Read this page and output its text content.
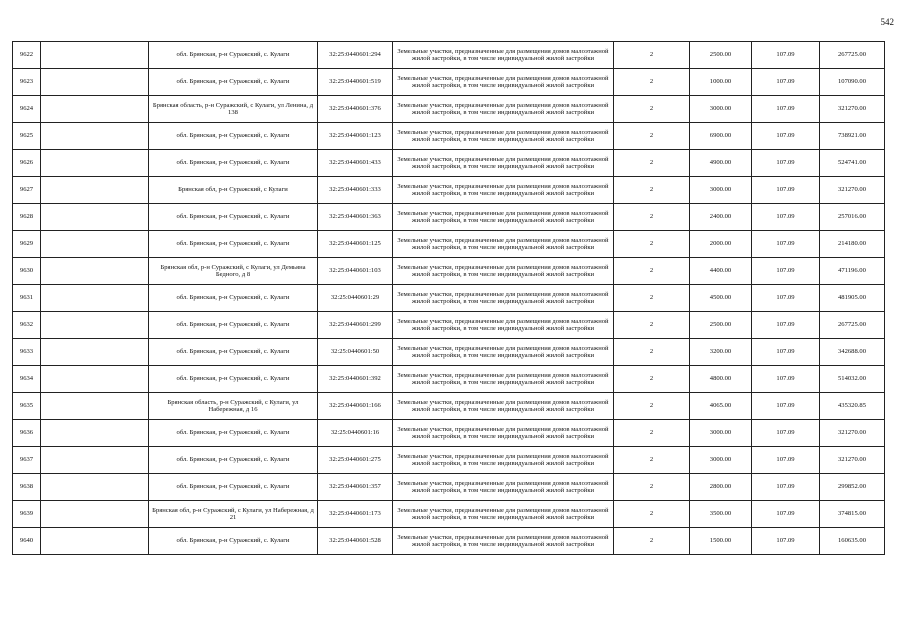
542
9622		обл. Брянская, р-н Суражский, с. Кулаги	32:25:0440601:294	Земельные участки, предназначенные для размещения домов малоэтажной жилой застройки, в том числе индивидуальной жилой застройки	2	2500.00	107.09	267725.00
9623		обл. Брянская, р-н Суражский, с. Кулаги	32:25:0440601:519	Земельные участки, предназначенные для размещения домов малоэтажной жилой застройки, в том числе индивидуальной жилой застройки	2	1000.00	107.09	107090.00
9624		Брянская область, р-н Суражский, с Кулаги, ул Ленина, д 138	32:25:0440601:376	Земельные участки, предназначенные для размещения домов малоэтажной жилой застройки, в том числе индивидуальной жилой застройки	2	3000.00	107.09	321270.00
9625		обл. Брянская, р-н Суражский, с. Кулаги	32:25:0440601:123	Земельные участки, предназначенные для размещения домов малоэтажной жилой застройки, в том числе индивидуальной жилой застройки	2	6900.00	107.09	738921.00
9626		обл. Брянская, р-н Суражский, с. Кулаги	32:25:0440601:433	Земельные участки, предназначенные для размещения домов малоэтажной жилой застройки, в том числе индивидуальной жилой застройки	2	4900.00	107.09	524741.00
9627		Брянская обл, р-н Суражский, с Кулаги	32:25:0440601:333	Земельные участки, предназначенные для размещения домов малоэтажной жилой застройки, в том числе индивидуальной жилой застройки	2	3000.00	107.09	321270.00
9628		обл. Брянская, р-н Суражский, с. Кулаги	32:25:0440601:363	Земельные участки, предназначенные для размещения домов малоэтажной жилой застройки, в том числе индивидуальной жилой застройки	2	2400.00	107.09	257016.00
9629		обл. Брянская, р-н Суражский, с. Кулаги	32:25:0440601:125	Земельные участки, предназначенные для размещения домов малоэтажной жилой застройки, в том числе индивидуальной жилой застройки	2	2000.00	107.09	214180.00
9630		Брянская обл, р-н Суражский, с Кулаги, ул Демьяна Бедного, д 8	32:25:0440601:103	Земельные участки, предназначенные для размещения домов малоэтажной жилой застройки, в том числе индивидуальной жилой застройки	2	4400.00	107.09	471196.00
9631		обл. Брянская, р-н Суражский, с. Кулаги	32:25:0440601:29	Земельные участки, предназначенные для размещения домов малоэтажной жилой застройки, в том числе индивидуальной жилой застройки	2	4500.00	107.09	481905.00
9632		обл. Брянская, р-н Суражский, с. Кулаги	32:25:0440601:299	Земельные участки, предназначенные для размещения домов малоэтажной жилой застройки, в том числе индивидуальной жилой застройки	2	2500.00	107.09	267725.00
9633		обл. Брянская, р-н Суражский, с. Кулаги	32:25:0440601:50	Земельные участки, предназначенные для размещения домов малоэтажной жилой застройки, в том числе индивидуальной жилой застройки	2	3200.00	107.09	342688.00
9634		обл. Брянская, р-н Суражский, с. Кулаги	32:25:0440601:392	Земельные участки, предназначенные для размещения домов малоэтажной жилой застройки, в том числе индивидуальной жилой застройки	2	4800.00	107.09	514032.00
9635		Брянская область, р-н Суражский, с Кулаги, ул Набережная, д 16	32:25:0440601:166	Земельные участки, предназначенные для размещения домов малоэтажной жилой застройки, в том числе индивидуальной жилой застройки	2	4065.00	107.09	435320.85
9636		обл. Брянская, р-н Суражский, с. Кулаги	32:25:0440601:16	Земельные участки, предназначенные для размещения домов малоэтажной жилой застройки, в том числе индивидуальной жилой застройки	2	3000.00	107.09	321270.00
9637		обл. Брянская, р-н Суражский, с. Кулаги	32:25:0440601:275	Земельные участки, предназначенные для размещения домов малоэтажной жилой застройки, в том числе индивидуальной жилой застройки	2	3000.00	107.09	321270.00
9638		обл. Брянская, р-н Суражский, с. Кулаги	32:25:0440601:357	Земельные участки, предназначенные для размещения домов малоэтажной жилой застройки, в том числе индивидуальной жилой застройки	2	2800.00	107.09	299852.00
9639		Брянская обл, р-н Суражский, с Кулаги, ул Набережная, д 21	32:25:0440601:173	Земельные участки, предназначенные для размещения домов малоэтажной жилой застройки, в том числе индивидуальной жилой застройки	2	3500.00	107.09	374815.00
9640		обл. Брянская, р-н Суражский, с. Кулаги	32:25:0440601:528	Земельные участки, предназначенные для размещения домов малоэтажной жилой застройки, в том числе индивидуальной жилой застройки	2	1500.00	107.09	160635.00
